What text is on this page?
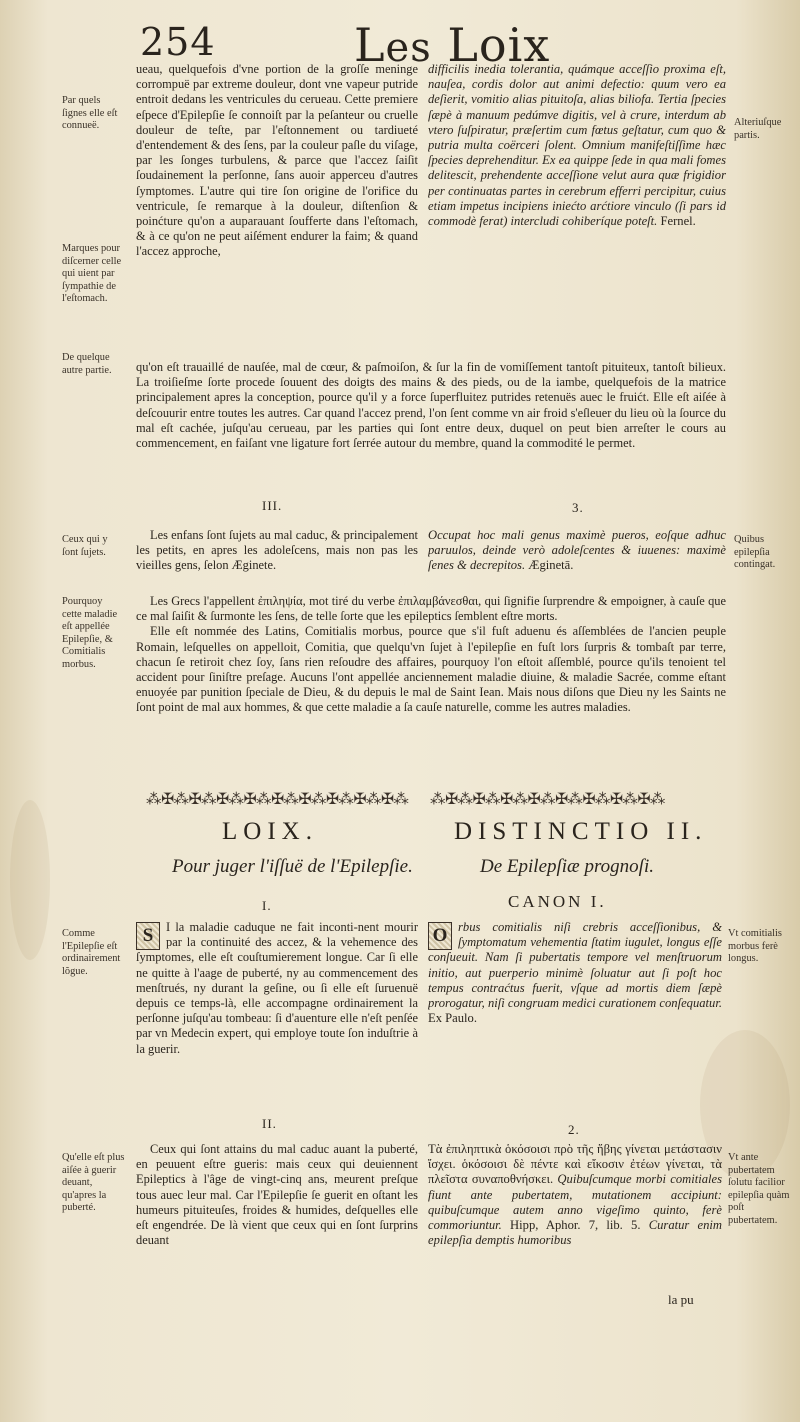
254	Les Loix
Par quels ſignes elle eſt connueë.
Marques pour diſcerner celle qui uient par ſympathie de l'eſtomach.
De quelque autre partie.
Alteriuſque partis.

ueau, quelquefois d'vne portion de la groſſe meninge corrompuë par extreme douleur, dont vne vapeur putride entroit dedans les ventricules du cerueau. Cette premiere eſpece d'Epilepſie ſe connoiſt par la peſanteur ou cruelle douleur de teſte, par l'eſtonnement ou tardiueté d'entendement & des ſens, par la couleur paſle du viſage, par les ſonges turbulens, & parce que l'accez ſaiſit ſoudainement la perſonne, ſans auoir apperceu d'autres ſymptomes. L'autre qui tire ſon origine de l'orifice du ventricule, ſe remarque à la douleur, diſtenſion & poinćture qu'on a auparauant ſoufferte dans l'eſtomach, & à ce qu'on ne peut aiſément endurer la faim; & quand l'accez approche,

difficilis inedia tolerantia, quámque acceſſio proxima eſt, nauſea, cordis dolor aut animi defectio: quum vero ea deſierit, vomitio alias pituitoſa, alias biliofa. Tertia ſpecies ſæpè à manuum pedúmve digitis, vel à crure, interdum ab vtero ſuſpiratur, præſertim cum fœtus geſtatur, cum quo & putria multa coërceri ſolent. Omnium manifeſtiſſime hæc ſpecies deprehenditur. Ex ea quippe ſede in qua mali fomes delitescit, prehendente acceſſione velut aura quæ frigidior per continuatas partes in cerebrum efferri percipitur, cuius etiam impetus incipiens iniećto arćtiore vinculo (ſi pars id commodè ferat) intercludi cohiberíque poteſt. Fernel.

qu'on eſt trauaillé de nauſée, mal de cœur, & paſmoiſon, & ſur la fin de vomiſſement tantoſt pituiteux, tantoſt bilieux. La troiſieſme ſorte procede ſouuent des doigts des mains & des pieds, ou de la iambe, quelquefois de la matrice principalement apres la conception, pource qu'il y a force ſuperfluitez putrides retenuës auec le fruićt. Elle eſt aiſée à deſcouurir entre toutes les autres. Car quand l'accez prend, l'on ſent comme vn air froid s'eſleuer du lieu où la ſource du mal eſt cachée, juſqu'au cerueau, par les parties qui ſont entre deux, duquel on peut bien arreſter le cours au commencement, en faiſant vne ligature fort ſerrée autour du membre, quand la commodité le permet.

III.	3.
Ceux qui y ſont ſujets.
Pourquoy cette maladie eſt appellée Epilepſie, & Comitialis morbus.
Quibus epilepſia contingat.

Les enfans ſont ſujets au mal caduc, & principalement les petits, en apres les adoleſcens, mais non pas les vieilles gens, ſelon Æginete.

Occupat hoc mali genus maximè pueros, eoſque adhuc paruulos, deinde verò adoleſcentes & iuuenes: maximè ſenes & decrepitos. Æginetā.

Les Grecs l'appellent ἐπιληψία, mot tiré du verbe ἐπιλαμβάνεσθαι, qui ſignifie ſurprendre & empoigner, à cauſe que ce mal ſaiſit & ſurmonte les ſens, de telle ſorte que les epileptics ſemblent eſtre morts.

Elle eſt nommée des Latins, Comitialis morbus, pource que s'il fuſt aduenu és aſſemblées de l'ancien peuple Romain, leſquelles on appelloit, Comitia, que quelqu'vn ſujet à l'epilepſie en fuſt lors ſurpris & tombaſt par terre, chacun ſe retiroit chez ſoy, ſans rien reſoudre des affaires, pourquoy l'on eſtoit aſſemblé, pource qu'ils tenoient tel accident pour ſiniſtre preſage. Aucuns l'ont appellée anciennement maladie diuine, & maladie Sacrée, comme eſtant enuoyée par punition ſpeciale de Dieu, & du depuis le mal de Saint Iean. Mais nous diſons que Dieu ny les Saints ne ſont point de mal aux hommes, & que cette maladie a ſa cauſe naturelle, comme les autres maladies.

⁂✠⁂✠⁂✠⁂✠⁂✠⁂✠⁂✠⁂✠⁂✠⁂	⁂✠⁂✠⁂✠⁂✠⁂✠⁂✠⁂✠⁂✠⁂
LOIX.	DISTINCTIO II.
Pour juger l'iſſuë de l'Epilepſie.	De Epilepſiæ prognoſi.
CANON I.
I.
Comme l'Epilepſie eſt ordinairement lõgue.
Vt comitialis morbus ferè longus.
S	I la maladie caduque ne fait inconti-nent mourir par la continuité des accez, & la vehemence des ſymptomes, elle eſt couſtumierement longue. Car ſi elle ne quitte à l'aage de puberté, ny au commencement des menſtrués, ny durant la geſine, ou ſi elle eſt ſuruenuë depuis ce temps-là, elle accompagne ordinairement la perſonne juſqu'au tombeau: ſi d'auenture elle n'eſt penſée par vn Medecin expert, qui employe toute ſon induſtrie à la guerir.
O rbus comitialis niſi crebris acceſſionibus, & ſymptomatum vehementia ſtatim iugulet, longus eſſe conſueuit. Nam ſi pubertatis tempore vel menſtruorum initio, aut puerperio minimè ſoluatur aut ſi poſt hoc tempus contraćtus fuerit, vſque ad mortis diem ſæpè prorogatur, niſi congruam medici curationem conſequatur. Ex Paulo.
II.	2.
Qu'elle eſt plus aiſée à guerir deuant, qu'apres la puberté.
Vt ante pubertatem ſolutu facilior epilepſia quàm poſt pubertatem.

Ceux qui ſont attains du mal caduc auant la puberté, en peuuent eſtre gueris: mais ceux qui deuiennent Epileptics à l'âge de vingt-cinq ans, meurent preſque tous auec leur mal. Car l'Epilepſie ſe guerit en oſtant les humeurs pituiteuſes, froides & humides, deſquelles elle eſt engendrée. De là vient que ceux qui en ſont ſurprins deuant

Τὰ ἐπιληπτικὰ ὁκόσοισι πρὸ τῆς ἥβης γίνεται μετάστασιν ἴσχει. ὁκόσοισι δὲ πέντε καὶ εἴκοσιν ἐτέων γίνεται, τὰ πλεῖστα συναποθνήσκει. Quibuſcumque morbi comitiales fiunt ante pubertatem, mutationem accipiunt: quibuſcumque autem anno vigeſimo quinto, ferè commoriuntur. Hipp, Aphor. 7, lib. 5. Curatur enim epilepſia demptis humoribus

la pu
